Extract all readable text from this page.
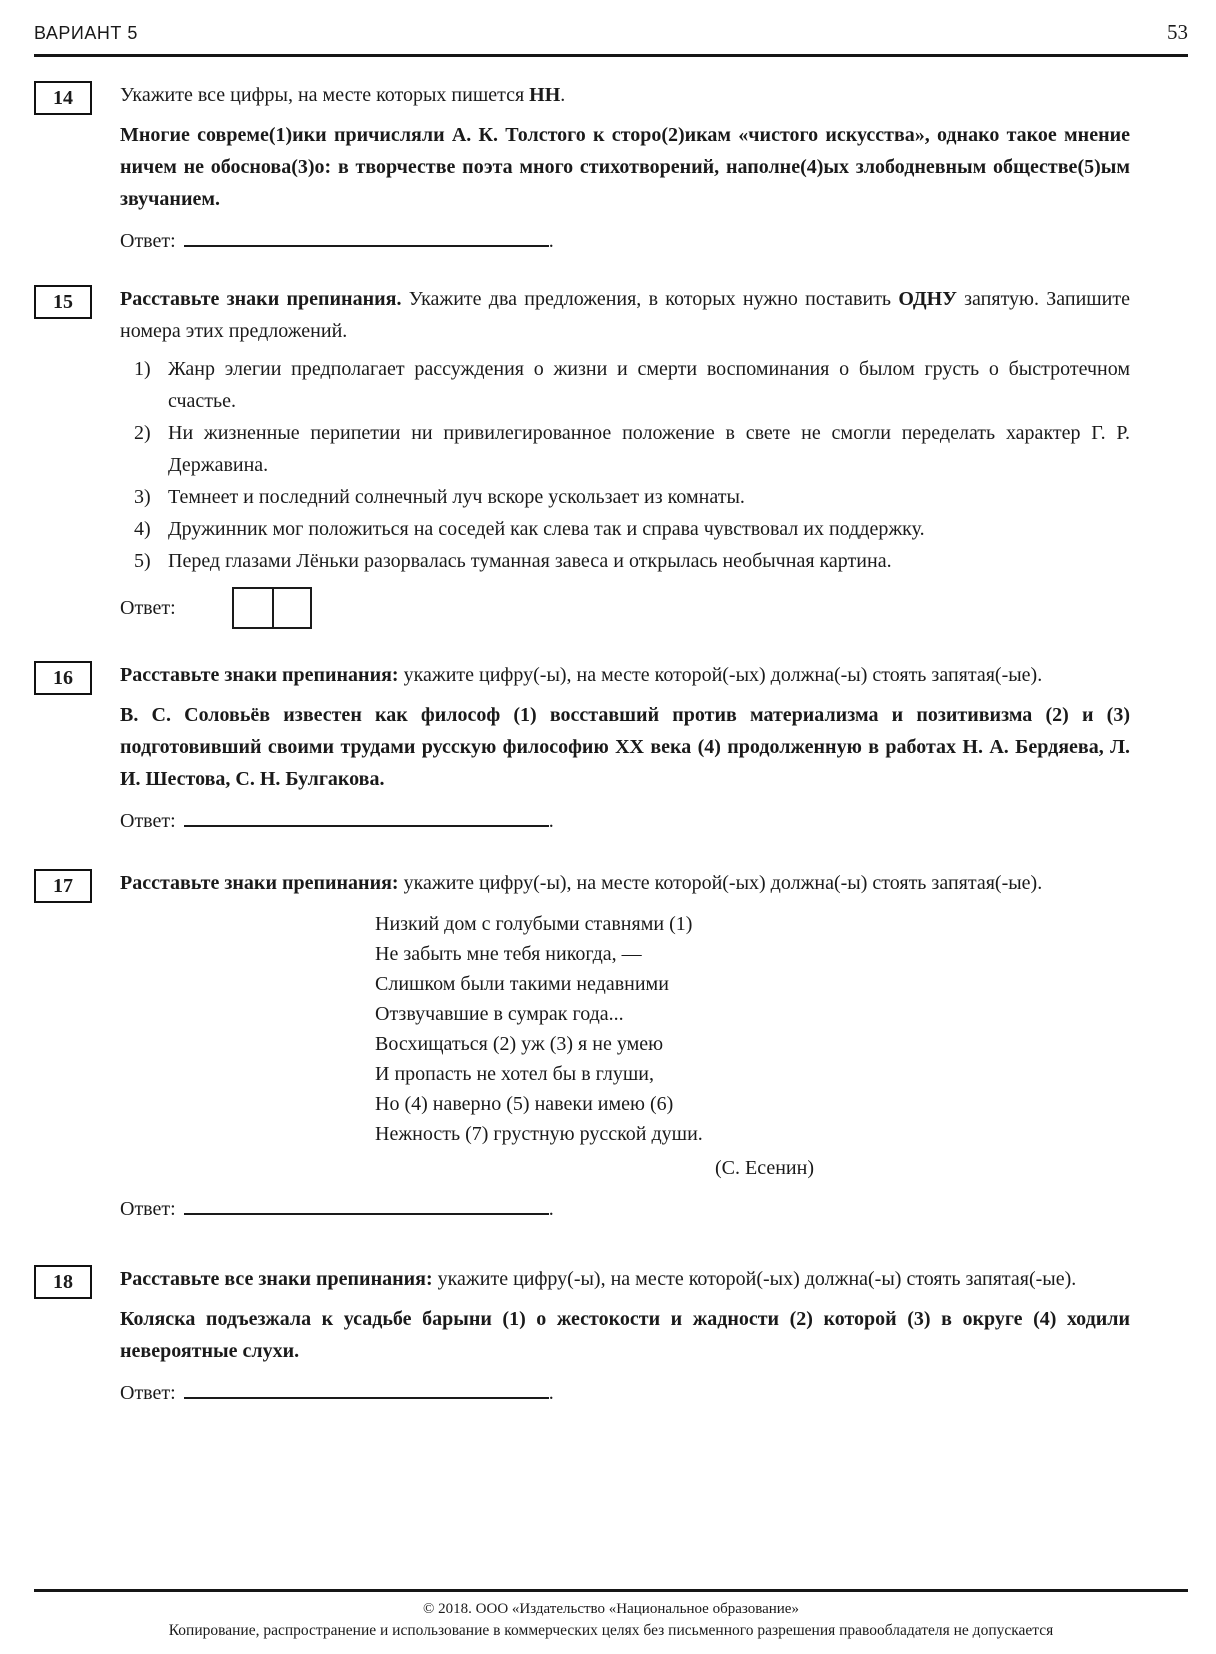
ВАРИАНТ 5	53
14	Укажите все цифры, на месте которых пишется НН.

Многие совреме(1)ики причисляли А. К. Толстого к сторо(2)икам «чистого искусства», однако такое мнение ничем не обоснова(3)о: в творчестве поэта много стихотворений, наполне(4)ых злободневным обществе(5)ым звучанием.

Ответ:	.

15	Расставьте знаки препинания. Укажите два предложения, в которых нужно поставить ОДНУ запятую. Запишите номера этих предложений.

1) Жанр элегии предполагает рассуждения о жизни и смерти воспоминания о былом грусть о быстротечном счастье.
2) Ни жизненные перипетии ни привилегированное положение в свете не смогли переделать характер Г. Р. Державина.
3) Темнеет и последний солнечный луч вскоре ускользает из комнаты.
4) Дружинник мог положиться на соседей как слева так и справа чувствовал их поддержку.
5) Перед глазами Лёньки разорвалась туманная завеса и открылась необычная картина.
Ответ:
16	Расставьте знаки препинания: укажите цифру(-ы), на месте которой(-ых) должна(-ы) стоять запятая(-ые).

В. С. Соловьёв известен как философ (1) восставший против материализма и позитивизма (2) и (3) подготовивший своими трудами русскую философию XX века (4) продолженную в работах Н. А. Бердяева, Л. И. Шестова, С. Н. Булгакова.

Ответ:	.

17	Расставьте знаки препинания: укажите цифру(-ы), на месте которой(-ых) должна(-ы) стоять запятая(-ые).

Низкий дом с голубыми ставнями (1)

Не забыть мне тебя никогда, —

Слишком были такими недавними

Отзвучавшие в сумрак года...

Восхищаться (2) уж (3) я не умею

И пропасть не хотел бы в глуши,

Но (4) наверно (5) навеки имею (6)

Нежность (7) грустную русской души.

(С. Есенин)

Ответ:	.

18	Расставьте все знаки препинания: укажите цифру(-ы), на месте которой(-ых) должна(-ы) стоять запятая(-ые).

Коляска подъезжала к усадьбе барыни (1) о жестокости и жадности (2) которой (3) в округе (4) ходили невероятные слухи.

Ответ:	.

© 2018. ООО «Издательство «Национальное образование»

Копирование, распространение и использование в коммерческих целях без письменного разрешения правообладателя не допускается
